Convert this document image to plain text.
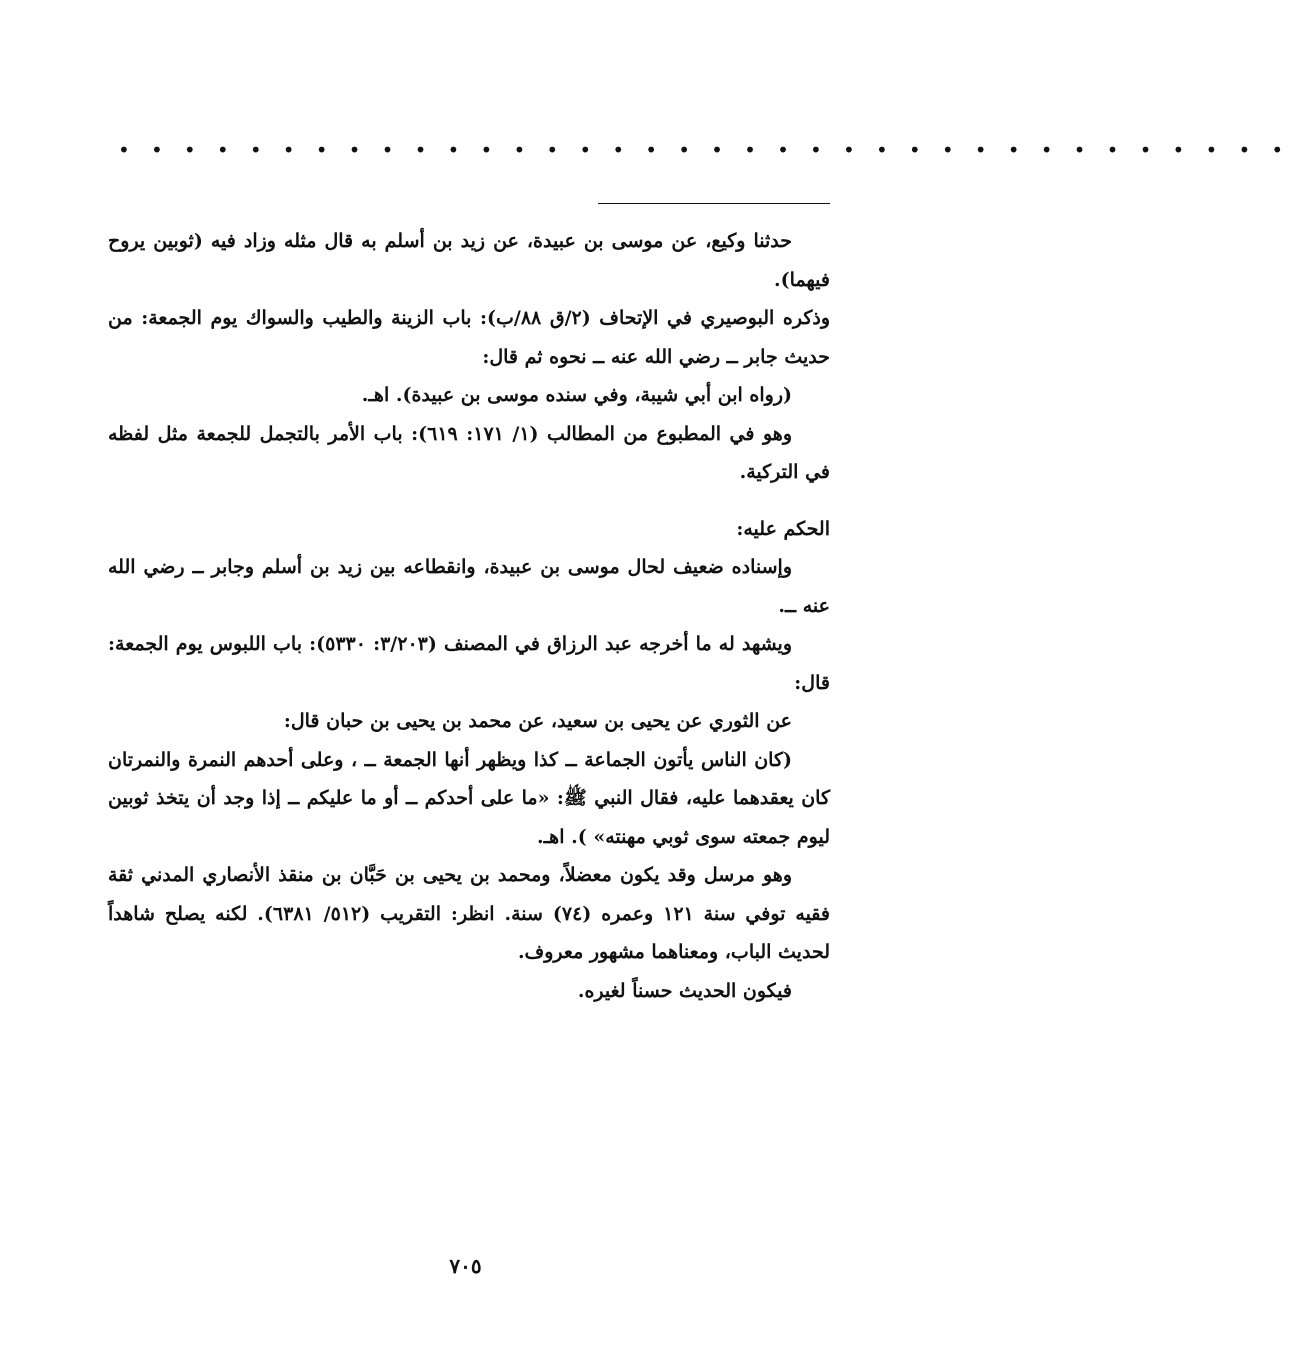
• • • • • • • • • • • • • • • • • • • • • • • • • • • • • • • • • • • •

حدثنا وكيع، عن موسى بن عبيدة، عن زيد بن أسلم به قال مثله وزاد فيه (ثوبين يروح فيهما).

وذكره البوصيري في الإتحاف (٢/ق ٨٨/ب): باب الزينة والطيب والسواك يوم الجمعة: من حديث جابر ــ رضي الله عنه ــ نحوه ثم قال:

(رواه ابن أبي شيبة، وفي سنده موسى بن عبيدة). اهـ.

وهو في المطبوع من المطالب (١/ ١٧١: ٦١٩): باب الأمر بالتجمل للجمعة مثل لفظه في التركية.

الحكم عليه:

وإسناده ضعيف لحال موسى بن عبيدة، وانقطاعه بين زيد بن أسلم وجابر ــ رضي الله عنه ــ.

ويشهد له ما أخرجه عبد الرزاق في المصنف (٣/٢٠٣: ٥٣٣٠): باب اللبوس يوم الجمعة: قال:

عن الثوري عن يحيى بن سعيد، عن محمد بن يحيى بن حبان قال:

(كان الناس يأتون الجماعة ــ كذا ويظهر أنها الجمعة ــ ، وعلى أحدهم النمرة والنمرتان كان يعقدهما عليه، فقال النبي ﷺ: «ما على أحدكم ــ أو ما عليكم ــ إذا وجد أن يتخذ ثوبين ليوم جمعته سوى ثوبي مهنته» ). اهـ.

وهو مرسل وقد يكون معضلاً، ومحمد بن يحيى بن حَبَّان بن منقذ الأنصاري المدني ثقة فقيه توفي سنة ١٢١ وعمره (٧٤) سنة. انظر: التقريب (٥١٢/ ٦٣٨١). لكنه يصلح شاهداً لحديث الباب، ومعناهما مشهور معروف.

فيكون الحديث حسناً لغيره.

٧٠٥
